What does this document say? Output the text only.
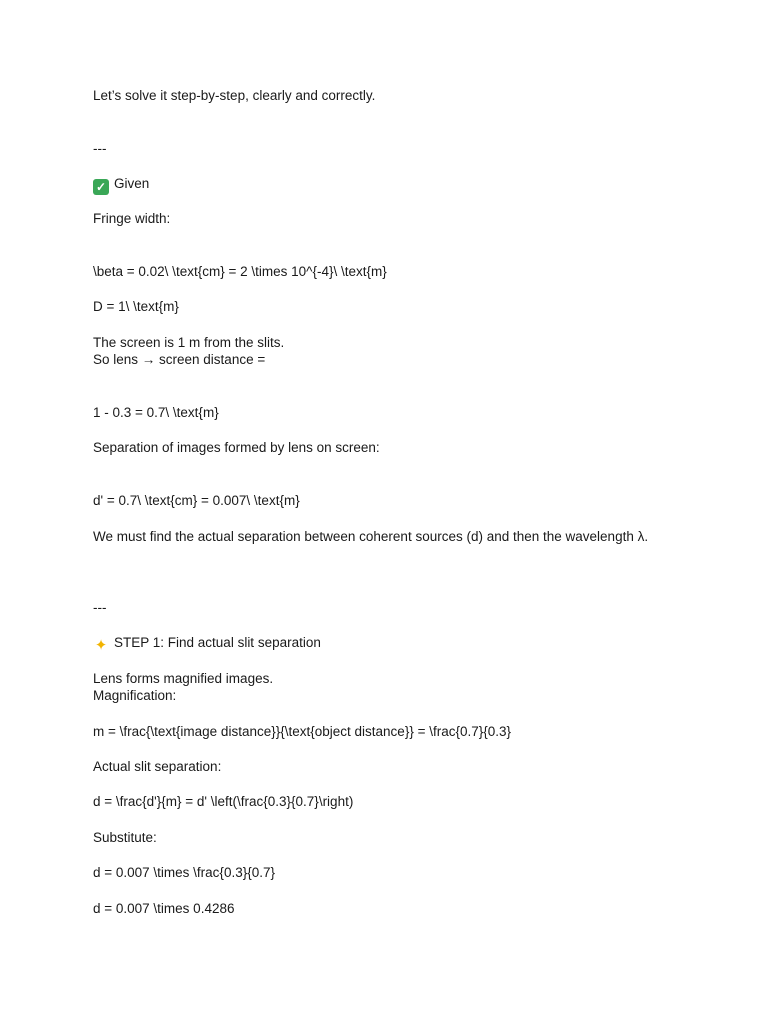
Let’s solve it step-by-step, clearly and correctly.

---

✓ Given

Fringe width:

\beta = 0.02\ \text{cm} = 2 \times 10^{-4}\ \text{m}

D = 1\ \text{m}

The screen is 1 m from the slits.

So lens → screen distance =

1 - 0.3 = 0.7\ \text{m}

Separation of images formed by lens on screen:

d' = 0.7\ \text{cm} = 0.007\ \text{m}

We must find the actual separation between coherent sources (d) and then the wavelength λ.

---

✦ STEP 1: Find actual slit separation

Lens forms magnified images.

Magnification:

m = \frac{\text{image distance}}{\text{object distance}} = \frac{0.7}{0.3}

Actual slit separation:

d = \frac{d'}{m} = d' \left(\frac{0.3}{0.7}\right)

Substitute:

d = 0.007 \times \frac{0.3}{0.7}

d = 0.007 \times 0.4286
